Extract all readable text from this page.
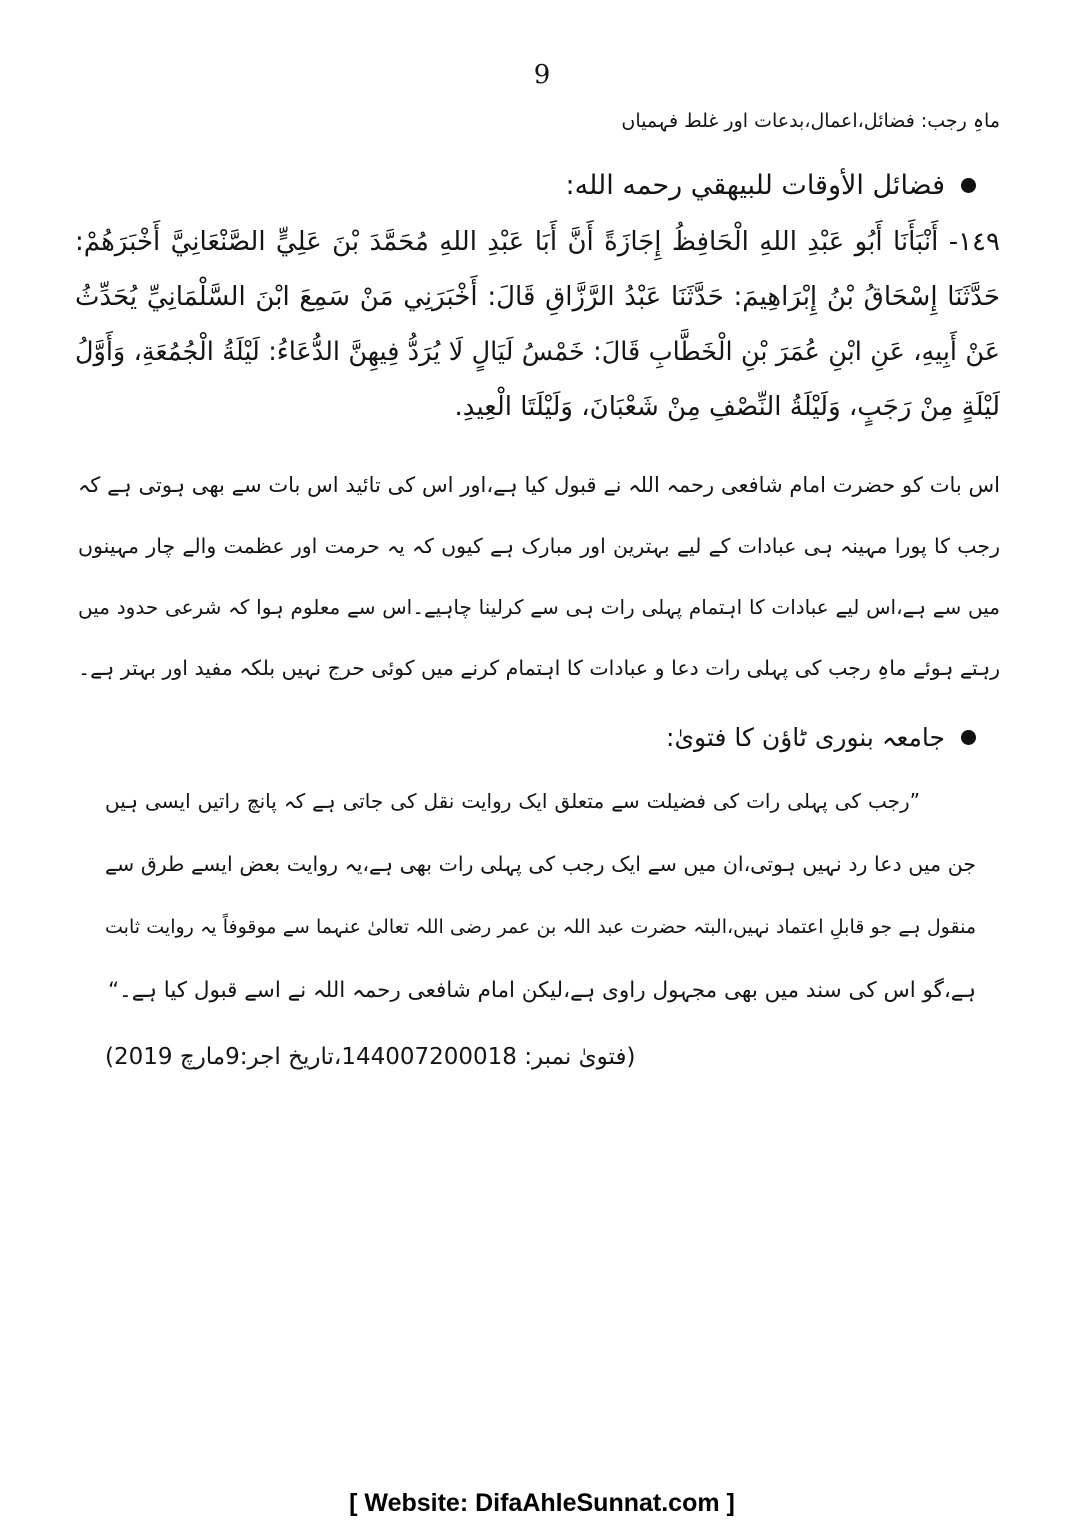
9
ماہِ رجب: فضائل،اعمال،بدعات اور غلط فہمیاں
فضائل الأوقات للبيهقي رحمه الله:
١٤٩- أَنْبَأَنَا أَبُو عَبْدِ اللهِ الْحَافِظُ إِجَازَةً أَنَّ أَبَا عَبْدِ اللهِ مُحَمَّدَ بْنَ عَلِيٍّ الصَّنْعَانِيَّ أَخْبَرَهُمْ:
حَدَّثَنَا إِسْحَاقُ بْنُ إِبْرَاهِيمَ: حَدَّثَنَا عَبْدُ الرَّزَّاقِ قَالَ: أَخْبَرَنِي مَنْ سَمِعَ ابْنَ السَّلْمَانِيِّ يُحَدِّثُ
عَنْ أَبِيهِ، عَنِ ابْنِ عُمَرَ بْنِ الْخَطَّابِ قَالَ: خَمْسُ لَيَالٍ لَا يُرَدُّ فِيهِنَّ الدُّعَاءُ: لَيْلَةُ الْجُمُعَةِ، وَأَوَّلُ
لَيْلَةٍ مِنْ رَجَبٍ، وَلَيْلَةُ النِّصْفِ مِنْ شَعْبَانَ، وَلَيْلَتَا الْعِيدِ.
اس بات کو حضرت امام شافعی رحمہ اللہ نے قبول کیا ہے،اور اس کی تائید اس بات سے بھی ہوتی ہے کہ
رجب کا پورا مہینہ ہی عبادات کے لیے بہترین اور مبارک ہے کیوں کہ یہ حرمت اور عظمت والے چار مہینوں
میں سے ہے،اس لیے عبادات کا اہتمام پہلی رات ہی سے کرلینا چاہیے۔اس سے معلوم ہوا کہ شرعی حدود میں
رہتے ہوئے ماہِ رجب کی پہلی رات دعا و عبادات کا اہتمام کرنے میں کوئی حرج نہیں بلکہ مفید اور بہتر ہے۔
جامعہ بنوری ٹاؤن کا فتویٰ:
”رجب کی پہلی رات کی فضیلت سے متعلق ایک روایت نقل کی جاتی ہے کہ پانچ راتیں ایسی ہیں
جن میں دعا رد نہیں ہوتی،ان میں سے ایک رجب کی پہلی رات بھی ہے،یہ روایت بعض ایسے طرق سے
منقول ہے جو قابلِ اعتماد نہیں،البتہ حضرت عبد اللہ بن عمر رضی اللہ تعالیٰ عنہما سے موقوفاً یہ روایت ثابت
ہے،گو اس کی سند میں بھی مجہول راوی ہے،لیکن امام شافعی رحمہ اللہ نے اسے قبول کیا ہے۔“
(فتویٰ نمبر: 144007200018،تاریخ اجر:9مارچ 2019)
[ Website: DifaAhleSunnat.com ]
